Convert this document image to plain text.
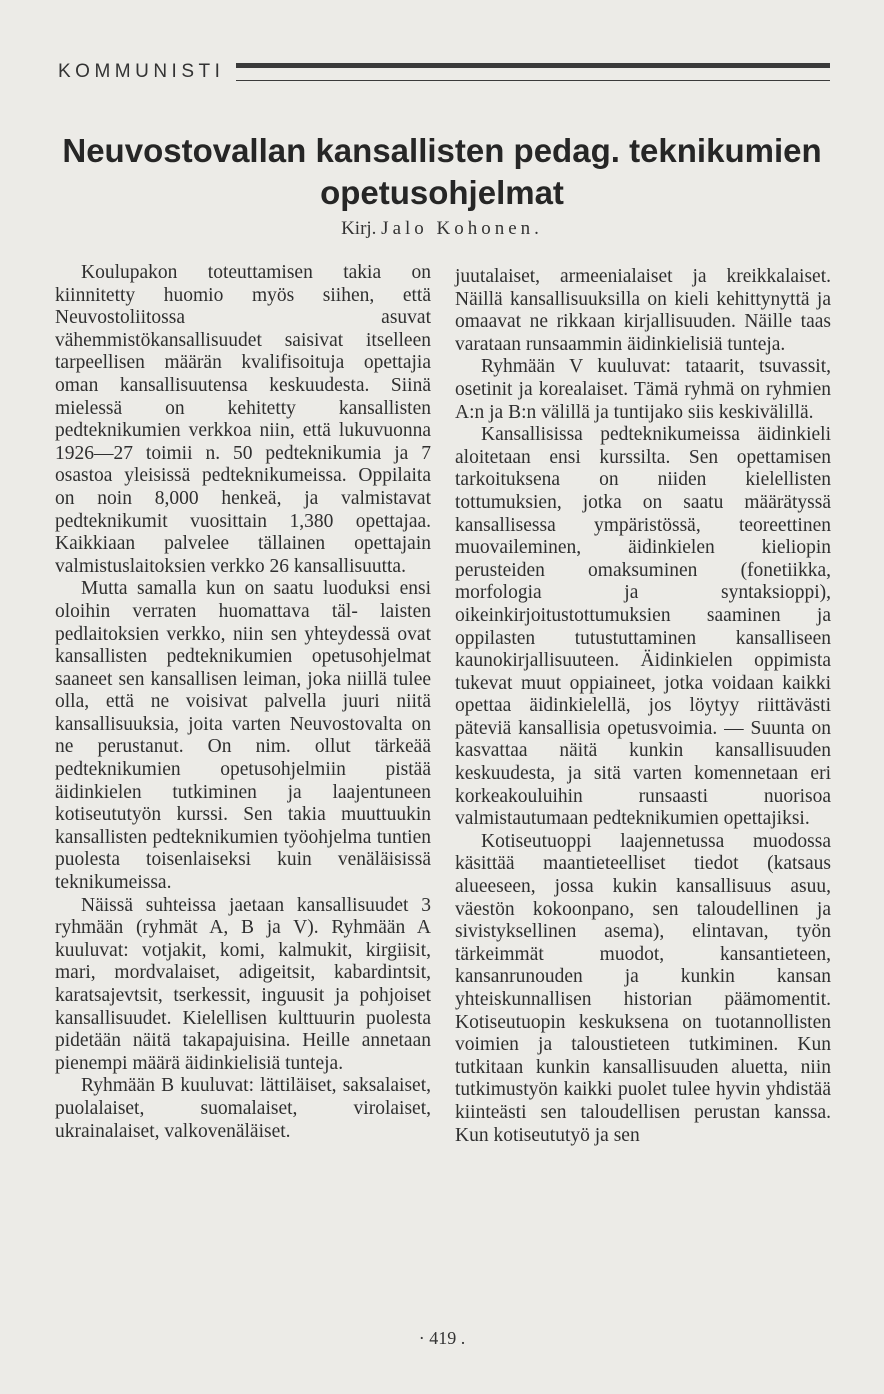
KOMMUNISTI
Neuvostovallan kansallisten pedag. teknikumien
opetusohjelmat
Kirj. Jalo Kohonen.

Koulupakon toteuttamisen takia on kiinnitetty huomio myös siihen, että Neuvostoliitossa asuvat vähemmistökansallisuudet saisivat itselleen tarpeellisen määrän kvalifisoituja opettajia oman kansallisuutensa keskuudesta. Siinä mielessä on kehitetty kansallisten pedteknikumien verkkoa niin, että lukuvuonna 1926—27 toimii n. 50 pedteknikumia ja 7 osastoa yleisissä pedteknikumeissa. Oppilaita on noin 8,000 henkeä, ja valmistavat pedteknikumit vuosittain 1,380 opettajaa. Kaikkiaan palvelee tällainen opettajain valmistuslaitoksien verkko 26 kansallisuutta.

Mutta samalla kun on saatu luoduksi ensi oloihin verraten huomattava täl- laisten pedlaitoksien verkko, niin sen yhteydessä ovat kansallisten pedteknikumien opetusohjelmat saaneet sen kansallisen leiman, joka niillä tulee olla, että ne voisivat palvella juuri niitä kansallisuuksia, joita varten Neuvostovalta on ne perustanut. On nim. ollut tärkeää pedteknikumien opetusohjelmiin pistää äidinkielen tutkiminen ja laajentuneen kotiseututyön kurssi. Sen takia muuttuukin kansallisten pedteknikumien työohjelma tuntien puolesta toisenlaiseksi kuin venäläisissä teknikumeissa.

Näissä suhteissa jaetaan kansallisuudet 3 ryhmään (ryhmät A, B ja V). Ryhmään A kuuluvat: votjakit, komi, kalmukit, kirgiisit, mari, mordvalaiset, adigeitsit, kabardintsit, karatsajevtsit, tserkessit, inguusit ja pohjoiset kansallisuudet. Kielellisen kulttuurin puolesta pidetään näitä takapajuisina. Heille annetaan pienempi määrä äidinkielisiä tunteja.

Ryhmään B kuuluvat: lättiläiset, saksalaiset, puolalaiset, suomalaiset, virolaiset, ukrainalaiset, valkovenäläiset.

juutalaiset, armeenialaiset ja kreikkalaiset. Näillä kansallisuuksilla on kieli kehittynyttä ja omaavat ne rikkaan kirjallisuuden. Näille taas varataan runsaammin äidinkielisiä tunteja.

Ryhmään V kuuluvat: tataarit, tsuvassit, osetinit ja korealaiset. Tämä ryhmä on ryhmien A:n ja B:n välillä ja tuntijako siis keskivälillä.

Kansallisissa pedteknikumeissa äidinkieli aloitetaan ensi kurssilta. Sen opettamisen tarkoituksena on niiden kielellisten tottumuksien, jotka on saatu määrätyssä kansallisessa ympäristössä, teoreettinen muovaileminen, äidinkielen kieliopin perusteiden omaksuminen (fonetiikka, morfologia ja syntaksioppi), oikeinkirjoitustottumuksien saaminen ja oppilasten tutustuttaminen kansalliseen kaunokirjallisuuteen. Äidinkielen oppimista tukevat muut oppiaineet, jotka voidaan kaikki opettaa äidinkielellä, jos löytyy riittävästi päteviä kansallisia opetusvoimia. — Suunta on kasvattaa näitä kunkin kansallisuuden keskuudesta, ja sitä varten komennetaan eri korkeakouluihin runsaasti nuorisoa valmistautumaan pedteknikumien opettajiksi.

Kotiseutuoppi laajennetussa muodossa käsittää maantieteelliset tiedot (katsaus alueeseen, jossa kukin kansallisuus asuu, väestön kokoonpano, sen taloudellinen ja sivistyksellinen asema), elintavan, työn tärkeimmät muodot, kansantieteen, kansanrunouden ja kunkin kansan yhteiskunnallisen historian päämomentit. Kotiseutuopin keskuksena on tuotannollisten voimien ja taloustieteen tutkiminen. Kun tutkitaan kunkin kansallisuuden aluetta, niin tutkimustyön kaikki puolet tulee hyvin yhdistää kiinteästi sen taloudellisen perustan kanssa. Kun kotiseututyö ja sen

· 419 .
